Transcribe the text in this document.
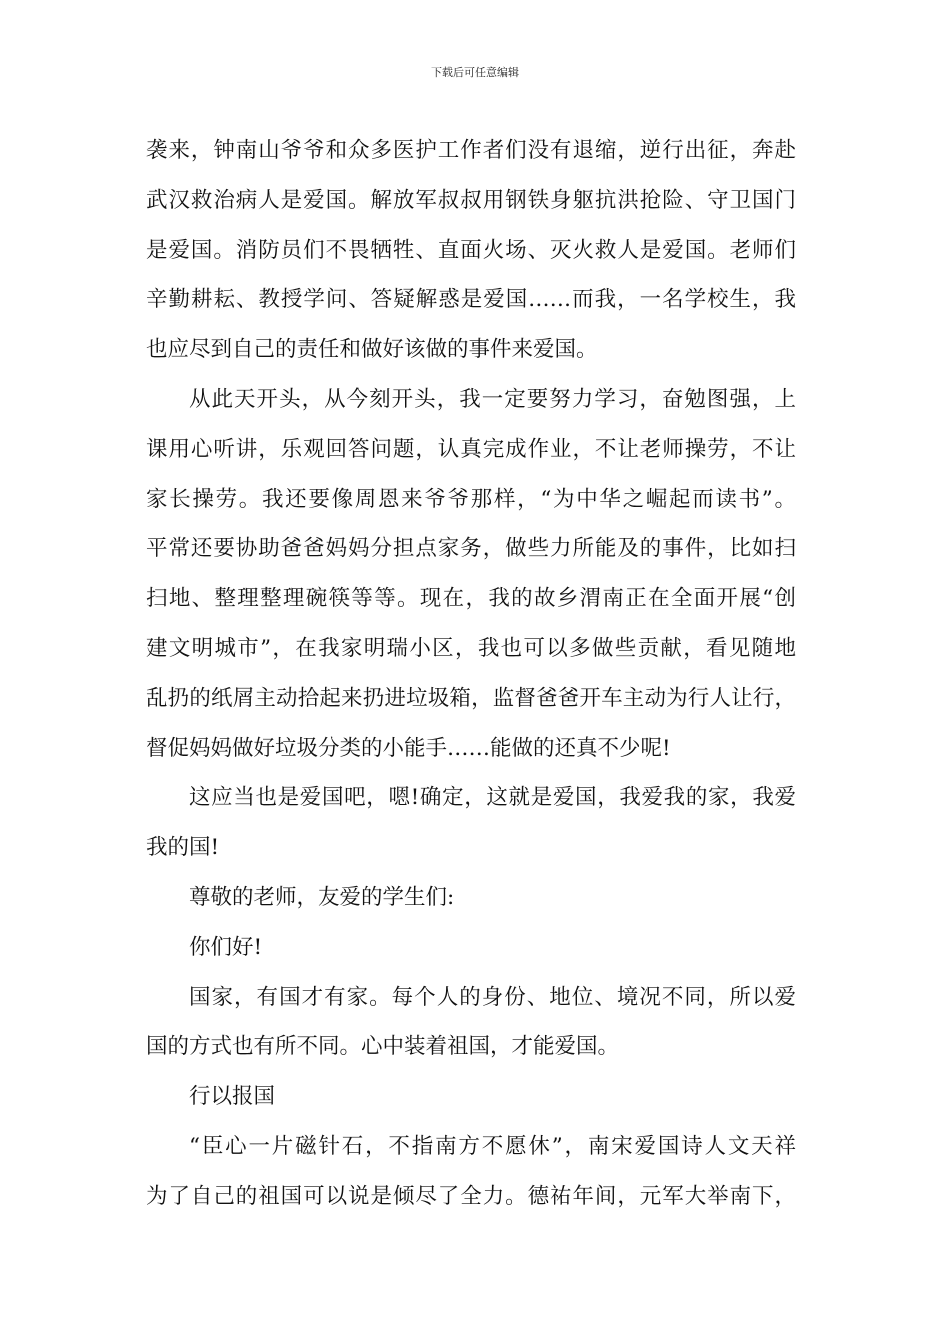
下载后可任意编辑
袭来，钟南山爷爷和众多医护工作者们没有退缩，逆行出征，奔赴
武汉救治病人是爱国。解放军叔叔用钢铁身躯抗洪抢险、守卫国门
是爱国。消防员们不畏牺牲、直面火场、灭火救人是爱国。老师们
辛勤耕耘、教授学问、答疑解惑是爱国……而我，一名学校生，我
也应尽到自己的责任和做好该做的事件来爱国。
从此天开头，从今刻开头，我一定要努力学习，奋勉图强，上
课用心听讲，乐观回答问题，认真完成作业，不让老师操劳，不让
家长操劳。我还要像周恩来爷爷那样，“为中华之崛起而读书”。
平常还要协助爸爸妈妈分担点家务，做些力所能及的事件，比如扫
扫地、整理整理碗筷等等。现在，我的故乡渭南正在全面开展“创
建文明城市”，在我家明瑞小区，我也可以多做些贡献，看见随地
乱扔的纸屑主动拾起来扔进垃圾箱，监督爸爸开车主动为行人让行，
督促妈妈做好垃圾分类的小能手……能做的还真不少呢!
这应当也是爱国吧，嗯!确定，这就是爱国，我爱我的家，我爱
我的国!
尊敬的老师，友爱的学生们:
你们好!
国家，有国才有家。每个人的身份、地位、境况不同，所以爱
国的方式也有所不同。心中装着祖国，才能爱国。
行以报国
“臣心一片磁针石，不指南方不愿休”，南宋爱国诗人文天祥
为了自己的祖国可以说是倾尽了全力。德祐年间，元军大举南下，
